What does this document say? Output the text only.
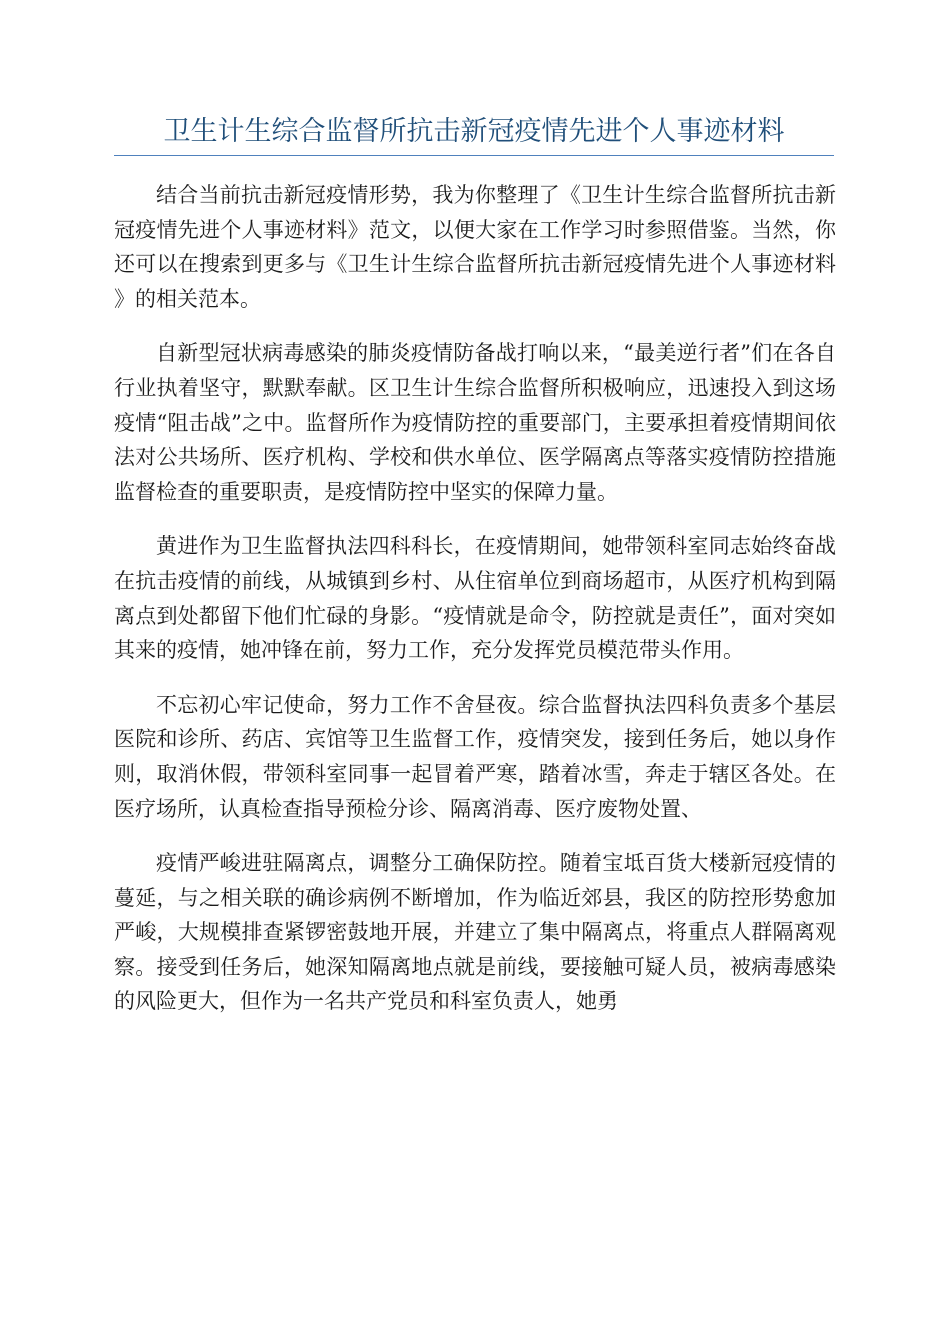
卫生计生综合监督所抗击新冠疫情先进个人事迹材料

结合当前抗击新冠疫情形势，我为你整理了《卫生计生综合监督所抗击新冠疫情先进个人事迹材料》范文，以便大家在工作学习时参照借鉴。当然，你还可以在搜索到更多与《卫生计生综合监督所抗击新冠疫情先进个人事迹材料》的相关范本。

自新型冠状病毒感染的肺炎疫情防备战打响以来，“最美逆行者”们在各自行业执着坚守，默默奉献。区卫生计生综合监督所积极响应，迅速投入到这场疫情“阻击战”之中。监督所作为疫情防控的重要部门，主要承担着疫情期间依法对公共场所、医疗机构、学校和供水单位、医学隔离点等落实疫情防控措施监督检查的重要职责，是疫情防控中坚实的保障力量。

黄进作为卫生监督执法四科科长，在疫情期间，她带领科室同志始终奋战在抗击疫情的前线，从城镇到乡村、从住宿单位到商场超市，从医疗机构到隔离点到处都留下他们忙碌的身影。“疫情就是命令，防控就是责任”，面对突如其来的疫情，她冲锋在前，努力工作，充分发挥党员模范带头作用。

不忘初心牢记使命，努力工作不舍昼夜。综合监督执法四科负责多个基层医院和诊所、药店、宾馆等卫生监督工作，疫情突发，接到任务后，她以身作则，取消休假，带领科室同事一起冒着严寒，踏着冰雪，奔走于辖区各处。在医疗场所，认真检查指导预检分诊、隔离消毒、医疗废物处置、

疫情严峻进驻隔离点，调整分工确保防控。随着宝坻百货大楼新冠疫情的蔓延，与之相关联的确诊病例不断增加，作为临近郊县，我区的防控形势愈加严峻，大规模排查紧锣密鼓地开展，并建立了集中隔离点，将重点人群隔离观察。接受到任务后，她深知隔离地点就是前线，要接触可疑人员，被病毒感染的风险更大，但作为一名共产党员和科室负责人，她勇
